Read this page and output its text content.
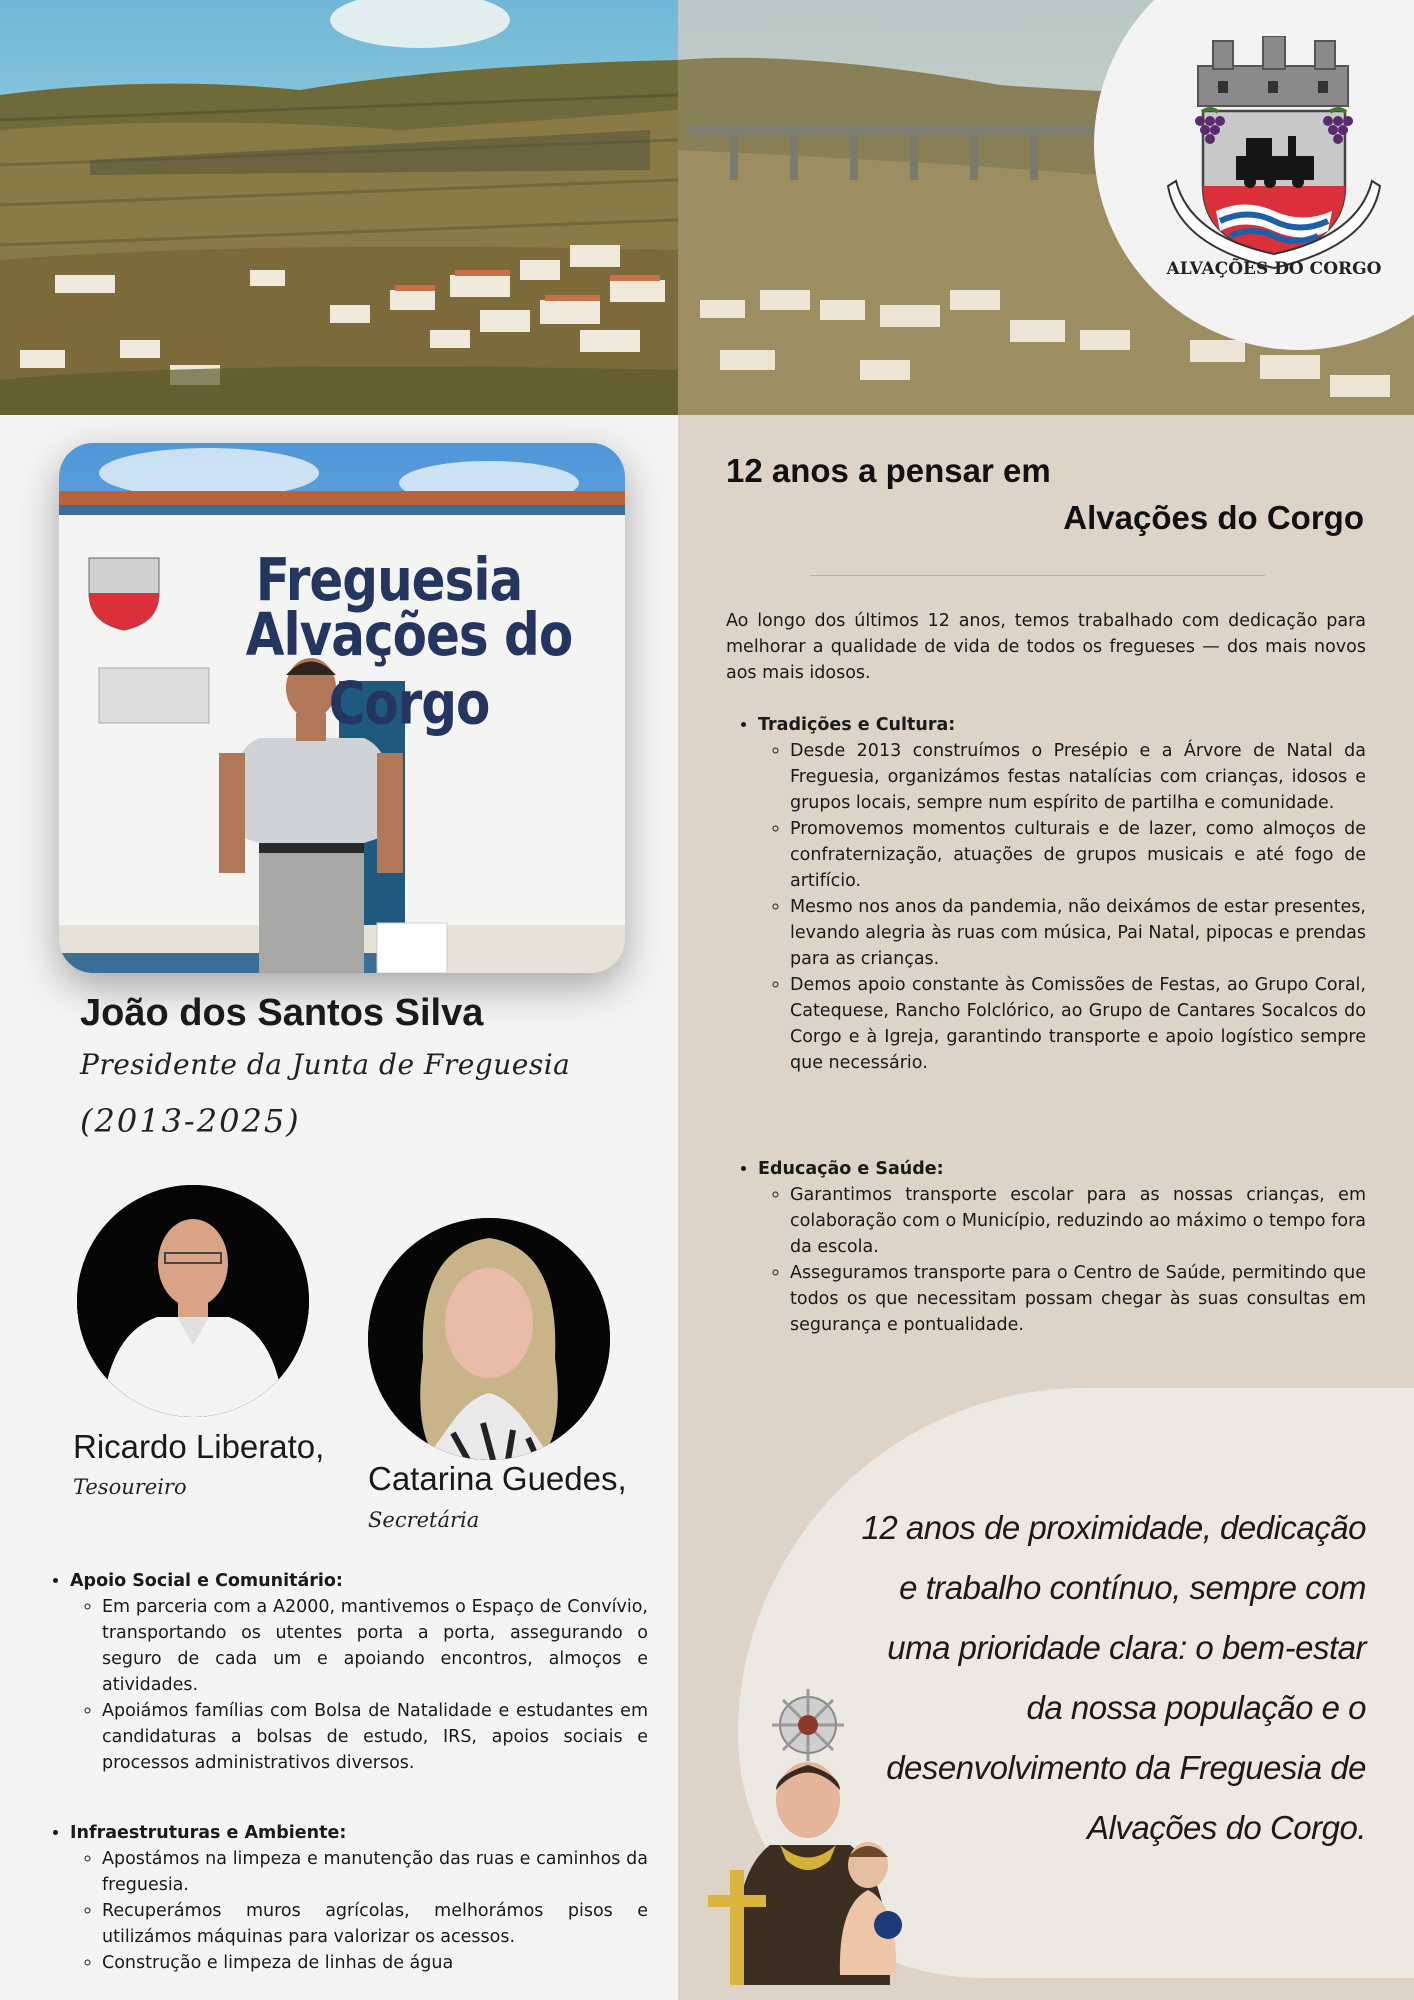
ALVAÇÕES DO CORGO
Freguesia
Alvações do Corgo
João dos Santos Silva
Presidente da Junta de Freguesia
(2013-2025)
Ricardo Liberato,
Tesoureiro	Catarina Guedes,
Secretária
• Apoio Social e Comunitário:
◦ Em parceria com a A2000, mantivemos o Espaço de Convívio, transportando os utentes porta a porta, assegurando o seguro de cada um e apoiando encontros, almoços e atividades.
◦ Apoiámos famílias com Bolsa de Natalidade e estudantes em candidaturas a bolsas de estudo, IRS, apoios sociais e processos administrativos diversos.
• Infraestruturas e Ambiente:
◦ Apostámos na limpeza e manutenção das ruas e caminhos da freguesia.
◦ Recuperámos muros agrícolas, melhorámos pisos e utilizámos máquinas para valorizar os acessos.
◦ Construção e limpeza de linhas de água
12 anos a pensar em
Alvações do Corgo
Ao longo dos últimos 12 anos, temos trabalhado com dedicação para melhorar a qualidade de vida de todos os fregueses — dos mais novos aos mais idosos.
• Tradições e Cultura:
◦ Desde 2013 construímos o Presépio e a Árvore de Natal da Freguesia, organizámos festas natalícias com crianças, idosos e grupos locais, sempre num espírito de partilha e comunidade.
◦ Promovemos momentos culturais e de lazer, como almoços de confraternização, atuações de grupos musicais e até fogo de artifício.
◦ Mesmo nos anos da pandemia, não deixámos de estar presentes, levando alegria às ruas com música, Pai Natal, pipocas e prendas para as crianças.
◦ Demos apoio constante às Comissões de Festas, ao Grupo Coral, Catequese, Rancho Folclórico, ao Grupo de Cantares Socalcos do Corgo e à Igreja, garantindo transporte e apoio logístico sempre que necessário.
• Educação e Saúde:
◦ Garantimos transporte escolar para as nossas crianças, em colaboração com o Município, reduzindo ao máximo o tempo fora da escola.
◦ Asseguramos transporte para o Centro de Saúde, permitindo que todos os que necessitam possam chegar às suas consultas em segurança e pontualidade.
12 anos de proximidade, dedicação e trabalho contínuo, sempre com uma prioridade clara: o bem-estar da nossa população e o desenvolvimento da Freguesia de Alvações do Corgo.
